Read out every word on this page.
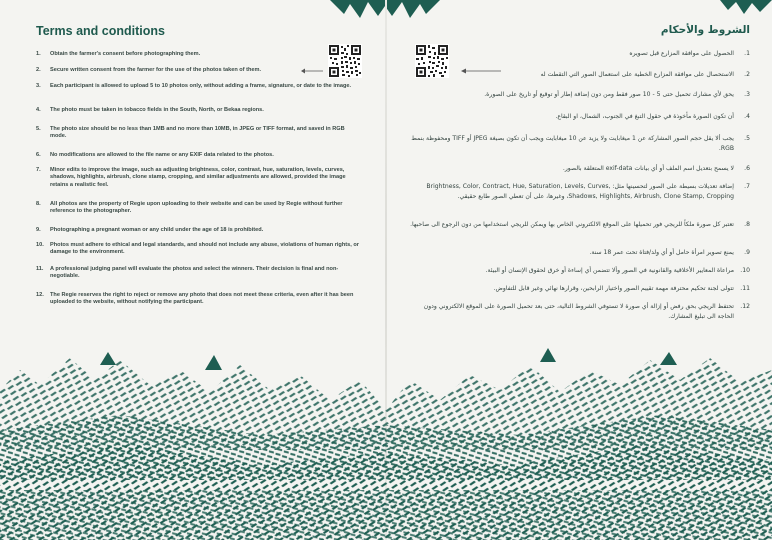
Terms and conditions
1. Obtain the farmer's consent before photographing them.
2. Secure written consent from the farmer for the use of the photos taken of them.
3. Each participant is allowed to upload 5 to 10 photos only, without adding a frame, signature, or date to the image.
4. The photo must be taken in tobacco fields in the South, North, or Bekaa regions.
5. The photo size should be no less than 1MB and no more than 10MB, in JPEG or TIFF format, and saved in RGB mode.
6. No modifications are allowed to the file name or any EXIF data related to the photos.
7. Minor edits to improve the image, such as adjusting brightness, color, contrast, hue, saturation, levels, curves, shadows, highlights, airbrush, clone stamp, cropping, and similar adjustments are allowed, provided the image retains a realistic feel.
8. All photos are the property of Regie upon uploading to their website and can be used by Regie without further reference to the photographer.
9. Photographing a pregnant woman or any child under the age of 18 is prohibited.
10. Photos must adhere to ethical and legal standards, and should not include any abuse, violations of human rights, or damage to the environment.
11. A professional judging panel will evaluate the photos and select the winners. Their decision is final and non-negotiable.
12. The Regie reserves the right to reject or remove any photo that does not meet these criteria, even after it has been uploaded to the website, without notifying the participant.
الشروط والأحكام
.1
الحصول على موافقة المزارع قبل تصويره
.2
الاستحصال على موافقة المزارع الخطية على استعمال الصور التي التقطت له
.3
يحق لأي مشارك تحميل حتى 5 - 10 صور فقط ومن دون إضافة إطار أو توقيع أو تاريخ على الصورة.
.4
أن تكون الصورة مأخوذة في حقول التبغ في الجنوب، الشمال، او البقاع.
.5
يجب ألا يقل حجم الصور المشاركة عن 1 ميغابايت ولا يزيد عن 10 ميغابايت ويجب أن تكون بصيغة JPEG أو TIFF ومحفوظة بنمط RGB.
.6
لا يسمح بتعديل اسم الملف أو أي بيانات exif-data المتعلقة بالصور.
.7
إضافة تعديلات بسيطة على الصور لتحسينها مثل: Brightness, Color, Contract, Hue, Saturation, Levels, Curves, Shadows, Highlights, Airbrush, Clone Stamp, Cropping، وغيرها، على أن تعطي الصور طابع حقيقي.
.8
تعتبر كل صورة ملكاً للريجي فور تحميلها على الموقع الالكتروني الخاص بها ويمكن للريجي استخدامها من دون الرجوع الى صاحبها.
.9
يمنع تصوير امرأة حامل أو أي ولد/فتاة تحت عمر 18 سنة.
.10
مراعاة المعايير الأخلاقية والقانونية في الصور وألا تتضمن أي إساءة أو خرق لحقوق الإنسان أو البيئة.
.11
تتولى لجنة تحكيم محترفة مهمة تقييم الصور واختيار الرابحين، وقرارها نهائي وغير قابل للتفاوض.
.12
تحتفظ الريجي بحق رفض أو إزالة أي صورة لا تستوفي الشروط التالية، حتى بعد تحميل الصورة على الموقع الالكتروني ودون الحاجة الى تبليغ المشارك.
